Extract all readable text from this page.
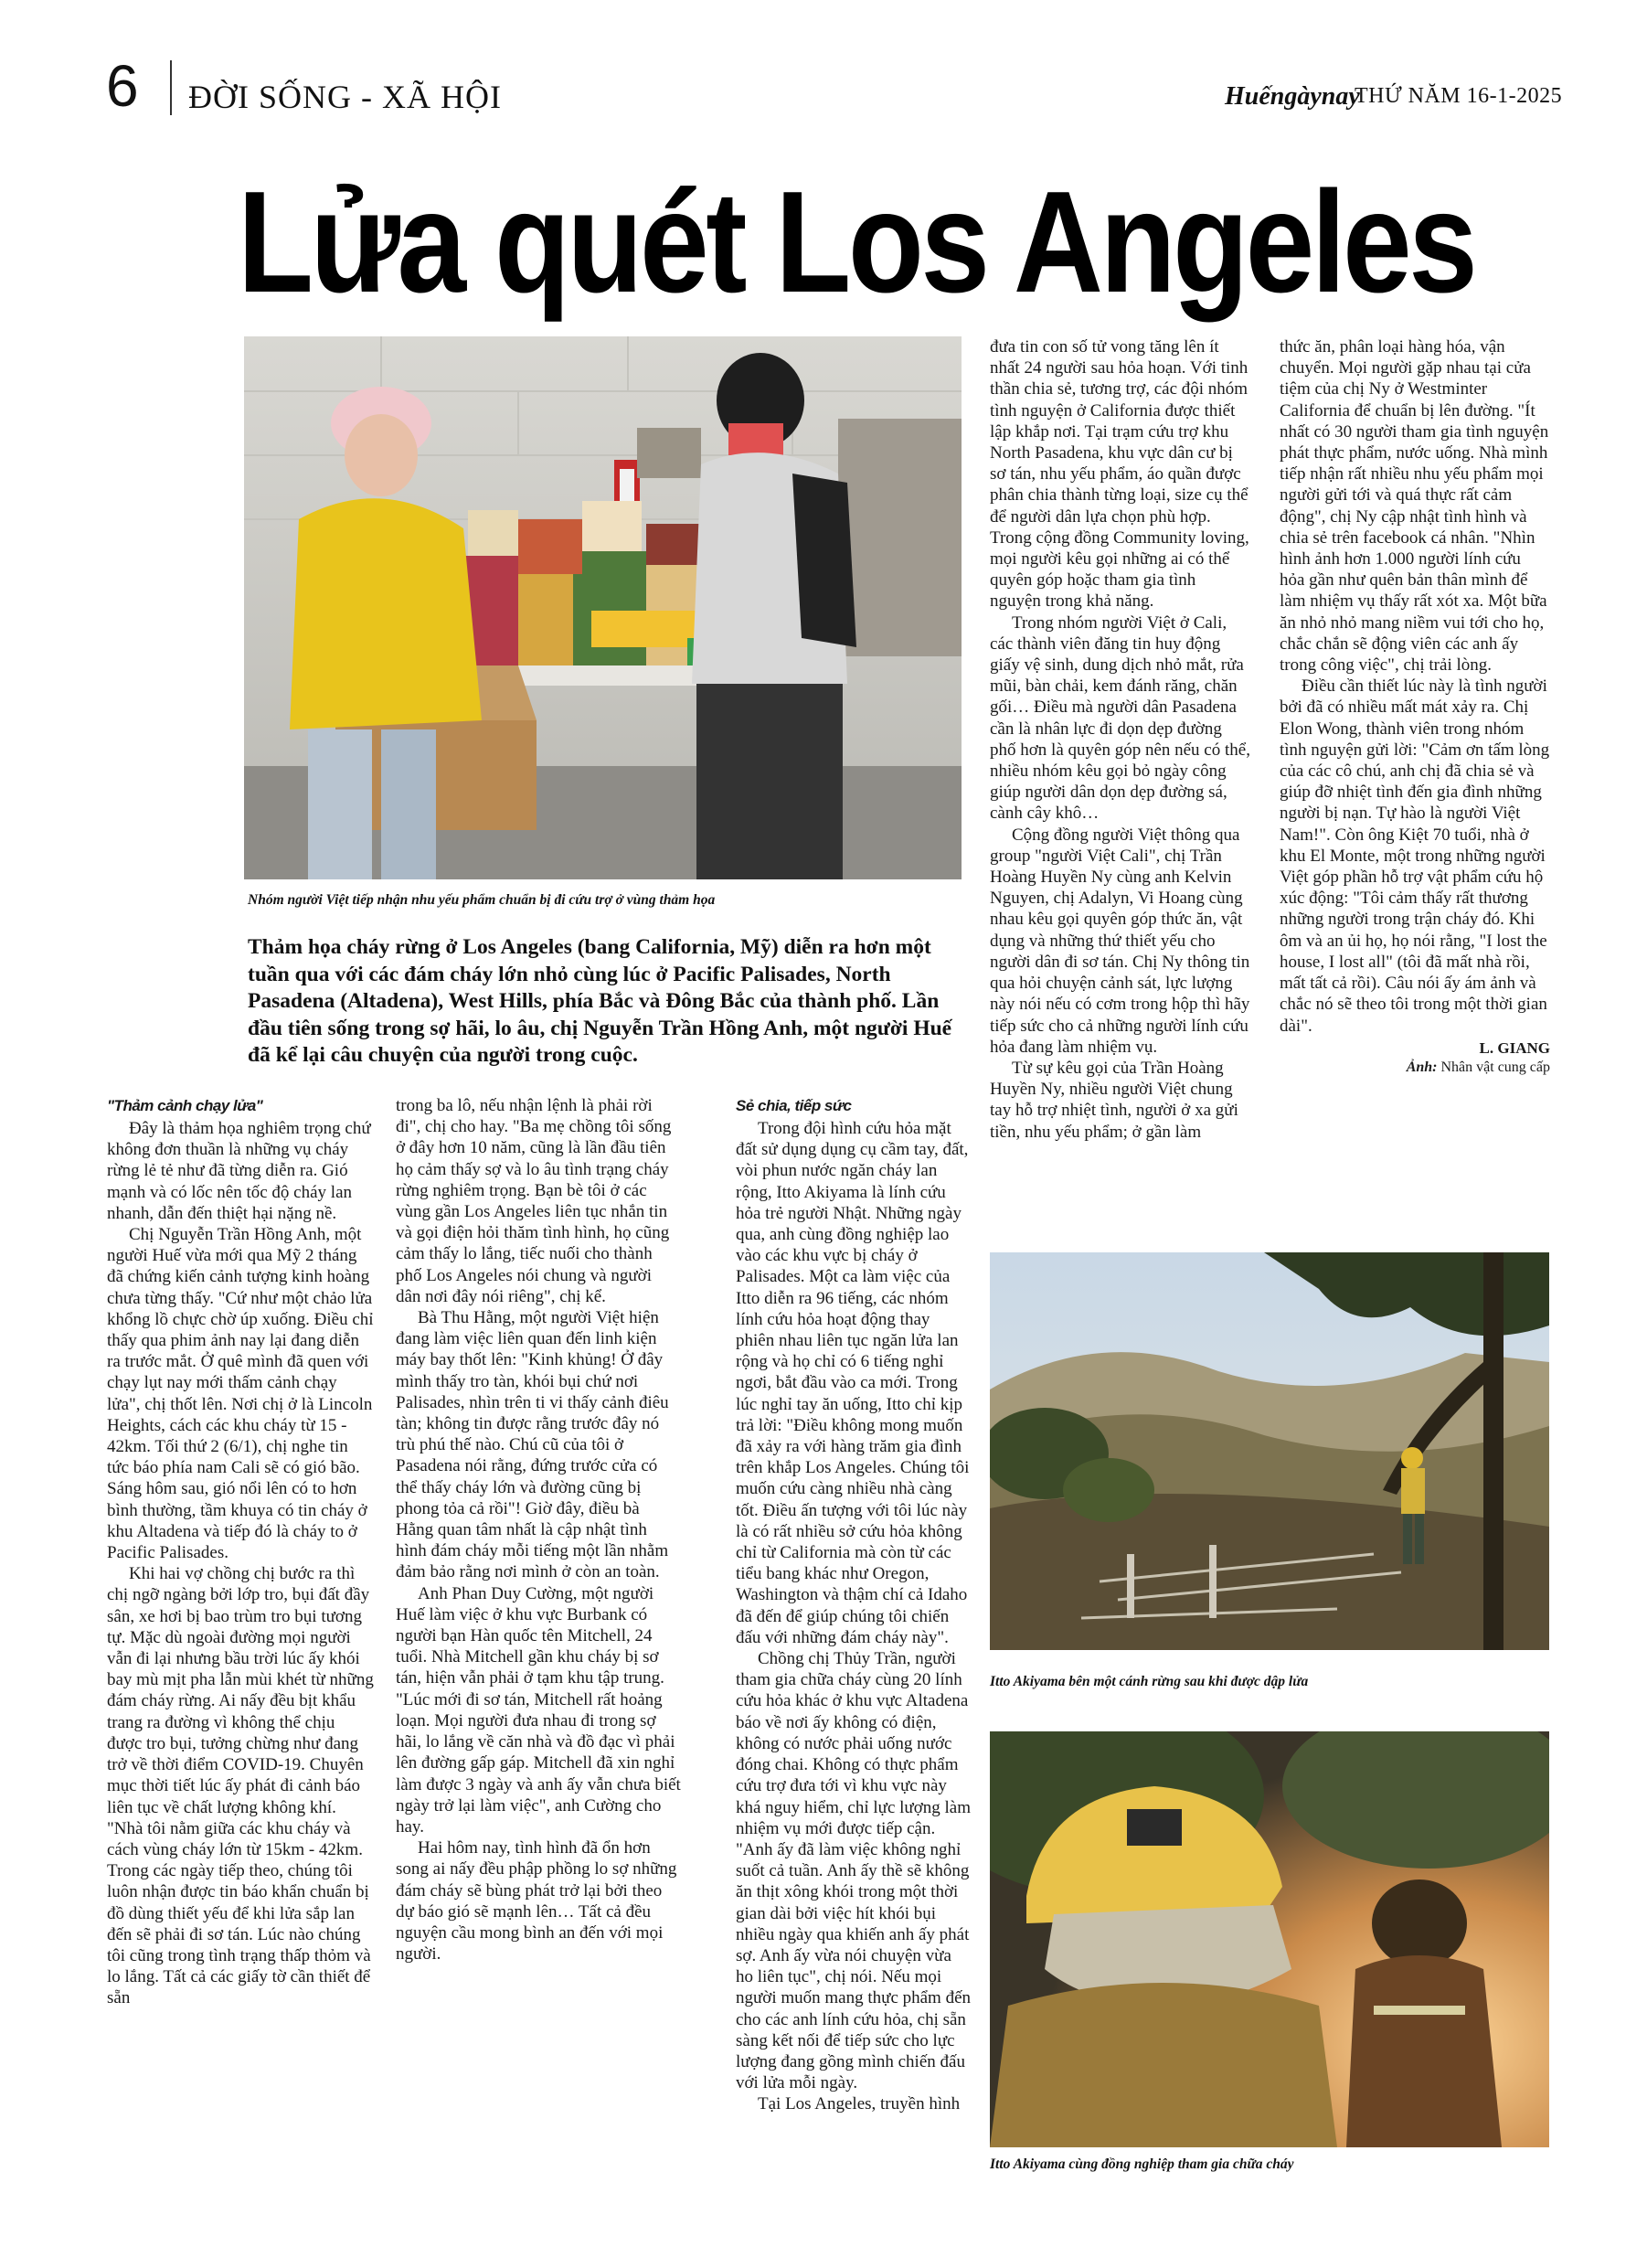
6 ĐỜI SỐNG - XÃ HỘI	Huếngàynay
THỨ NĂM 16-1-2025
Lửa quét Los Angeles
Nhóm người Việt tiếp nhận nhu yếu phẩm chuẩn bị đi cứu trợ ở vùng thảm họa
Thảm họa cháy rừng ở Los Angeles (bang California, Mỹ) diễn ra hơn một tuần qua với các đám cháy lớn nhỏ cùng lúc ở Pacific Palisades, North Pasadena (Altadena), West Hills, phía Bắc và Đông Bắc của thành phố. Lần đầu tiên sống trong sợ hãi, lo âu, chị Nguyễn Trần Hồng Anh, một người Huế đã kể lại câu chuyện của người trong cuộc.

"Thảm cảnh chạy lửa"

Đây là thảm họa nghiêm trọng chứ không đơn thuần là những vụ cháy rừng lẻ tẻ như đã từng diễn ra. Gió mạnh và có lốc nên tốc độ cháy lan nhanh, dẫn đến thiệt hại nặng nề.

Chị Nguyễn Trần Hồng Anh, một người Huế vừa mới qua Mỹ 2 tháng đã chứng kiến cảnh tượng kinh hoàng chưa từng thấy. "Cứ như một chảo lửa khổng lồ chực chờ úp xuống. Điều chỉ thấy qua phim ảnh nay lại đang diễn ra trước mắt. Ở quê mình đã quen với chạy lụt nay mới thấm cảnh chạy lửa", chị thốt lên. Nơi chị ở là Lincoln Heights, cách các khu cháy từ 15 - 42km. Tối thứ 2 (6/1), chị nghe tin tức báo phía nam Cali sẽ có gió bão. Sáng hôm sau, gió nổi lên có to hơn bình thường, tầm khuya có tin cháy ở khu Altadena và tiếp đó là cháy to ở Pacific Palisades.

Khi hai vợ chồng chị bước ra thì chị ngỡ ngàng bởi lớp tro, bụi đất đầy sân, xe hơi bị bao trùm tro bụi tương tự. Mặc dù ngoài đường mọi người vẫn đi lại nhưng bầu trời lúc ấy khói bay mù mịt pha lẫn mùi khét từ những đám cháy rừng. Ai nấy đều bịt khẩu trang ra đường vì không thể chịu được tro bụi, tưởng chừng như đang trở về thời điểm COVID-19. Chuyên mục thời tiết lúc ấy phát đi cảnh báo liên tục về chất lượng không khí. "Nhà tôi nằm giữa các khu cháy và cách vùng cháy lớn từ 15km - 42km. Trong các ngày tiếp theo, chúng tôi luôn nhận được tin báo khẩn chuẩn bị đồ dùng thiết yếu để khi lửa sắp lan đến sẽ phải đi sơ tán. Lúc nào chúng tôi cũng trong tình trạng thấp thỏm và lo lắng. Tất cả các giấy tờ cần thiết để sẵn

trong ba lô, nếu nhận lệnh là phải rời đi", chị cho hay. "Ba mẹ chồng tôi sống ở đây hơn 10 năm, cũng là lần đầu tiên họ cảm thấy sợ và lo âu tình trạng cháy rừng nghiêm trọng. Bạn bè tôi ở các vùng gần Los Angeles liên tục nhắn tin và gọi điện hỏi thăm tình hình, họ cũng cảm thấy lo lắng, tiếc nuối cho thành phố Los Angeles nói chung và người dân nơi đây nói riêng", chị kể.

Bà Thu Hằng, một người Việt hiện đang làm việc liên quan đến linh kiện máy bay thốt lên: "Kinh khủng! Ở đây mình thấy tro tàn, khói bụi chứ nơi Palisades, nhìn trên ti vi thấy cảnh điêu tàn; không tin được rằng trước đây nó trù phú thế nào. Chú cũ của tôi ở Pasadena nói rằng, đứng trước cửa có thể thấy cháy lớn và đường cũng bị phong tỏa cả rồi"! Giờ đây, điều bà Hằng quan tâm nhất là cập nhật tình hình đám cháy mỗi tiếng một lần nhằm đảm bảo rằng nơi mình ở còn an toàn.

Anh Phan Duy Cường, một người Huế làm việc ở khu vực Burbank có người bạn Hàn quốc tên Mitchell, 24 tuổi. Nhà Mitchell gần khu cháy bị sơ tán, hiện vẫn phải ở tạm khu tập trung. "Lúc mới đi sơ tán, Mitchell rất hoảng loạn. Mọi người đưa nhau đi trong sợ hãi, lo lắng về căn nhà và đồ đạc vì phải lên đường gấp gáp. Mitchell đã xin nghỉ làm được 3 ngày và anh ấy vẫn chưa biết ngày trở lại làm việc", anh Cường cho hay.

Hai hôm nay, tình hình đã ổn hơn song ai nấy đều phập phồng lo sợ những đám cháy sẽ bùng phát trở lại bởi theo dự báo gió sẽ mạnh lên… Tất cả đều nguyện cầu mong bình an đến với mọi người.

Sẻ chia, tiếp sức

Trong đội hình cứu hỏa mặt đất sử dụng dụng cụ cầm tay, đất, vòi phun nước ngăn cháy lan rộng, Itto Akiyama là lính cứu hỏa trẻ người Nhật. Những ngày qua, anh cùng đồng nghiệp lao vào các khu vực bị cháy ở Palisades. Một ca làm việc của Itto diễn ra 96 tiếng, các nhóm lính cứu hỏa hoạt động thay phiên nhau liên tục ngăn lửa lan rộng và họ chỉ có 6 tiếng nghỉ ngơi, bắt đầu vào ca mới. Trong lúc nghỉ tay ăn uống, Itto chỉ kịp trả lời: "Điều không mong muốn đã xảy ra với hàng trăm gia đình trên khắp Los Angeles. Chúng tôi muốn cứu càng nhiều nhà càng tốt. Điều ấn tượng với tôi lúc này là có rất nhiều sở cứu hỏa không chỉ từ California mà còn từ các tiểu bang khác như Oregon, Washington và thậm chí cả Idaho đã đến để giúp chúng tôi chiến đấu với những đám cháy này".

Chồng chị Thủy Trần, người tham gia chữa cháy cùng 20 lính cứu hỏa khác ở khu vực Altadena báo về nơi ấy không có điện, không có nước phải uống nước đóng chai. Không có thực phẩm cứu trợ đưa tới vì khu vực này khá nguy hiểm, chỉ lực lượng làm nhiệm vụ mới được tiếp cận. "Anh ấy đã làm việc không nghỉ suốt cả tuần. Anh ấy thề sẽ không ăn thịt xông khói trong một thời gian dài bởi việc hít khói bụi nhiều ngày qua khiến anh ấy phát sợ. Anh ấy vừa nói chuyện vừa ho liên tục", chị nói. Nếu mọi người muốn mang thực phẩm đến cho các anh lính cứu hỏa, chị sẵn sàng kết nối để tiếp sức cho lực lượng đang gồng mình chiến đấu với lửa mỗi ngày.

Tại Los Angeles, truyền hình

đưa tin con số tử vong tăng lên ít nhất 24 người sau hỏa hoạn. Với tinh thần chia sẻ, tương trợ, các đội nhóm tình nguyện ở California được thiết lập khắp nơi. Tại trạm cứu trợ khu North Pasadena, khu vực dân cư bị sơ tán, nhu yếu phẩm, áo quần được phân chia thành từng loại, size cụ thể để người dân lựa chọn phù hợp. Trong cộng đồng Community loving, mọi người kêu gọi những ai có thể quyên góp hoặc tham gia tình nguyện trong khả năng.

Trong nhóm người Việt ở Cali, các thành viên đăng tin huy động giấy vệ sinh, dung dịch nhỏ mắt, rửa mũi, bàn chải, kem đánh răng, chăn gối… Điều mà người dân Pasadena cần là nhân lực đi dọn dẹp đường phố hơn là quyên góp nên nếu có thể, nhiều nhóm kêu gọi bỏ ngày công giúp người dân dọn dẹp đường sá, cành cây khô…

Cộng đồng người Việt thông qua group "người Việt Cali", chị Trần Hoàng Huyền Ny cùng anh Kelvin Nguyen, chị Adalyn, Vi Hoang cùng nhau kêu gọi quyên góp thức ăn, vật dụng và những thứ thiết yếu cho người dân đi sơ tán. Chị Ny thông tin qua hỏi chuyện cảnh sát, lực lượng này nói nếu có cơm trong hộp thì hãy tiếp sức cho cả những người lính cứu hỏa đang làm nhiệm vụ.

Từ sự kêu gọi của Trần Hoàng Huyền Ny, nhiều người Việt chung tay hỗ trợ nhiệt tình, người ở xa gửi tiền, nhu yếu phẩm; ở gần làm

thức ăn, phân loại hàng hóa, vận chuyển. Mọi người gặp nhau tại cửa tiệm của chị Ny ở Westminter California để chuẩn bị lên đường. "Ít nhất có 30 người tham gia tình nguyện phát thực phẩm, nước uống. Nhà mình tiếp nhận rất nhiều nhu yếu phẩm mọi người gửi tới và quá thực rất cảm động", chị Ny cập nhật tình hình và chia sẻ trên facebook cá nhân. "Nhìn hình ảnh hơn 1.000 người lính cứu hỏa gần như quên bản thân mình để làm nhiệm vụ thấy rất xót xa. Một bữa ăn nhỏ nhỏ mang niềm vui tới cho họ, chắc chắn sẽ động viên các anh ấy trong công việc", chị trải lòng.

Điều cần thiết lúc này là tình người bởi đã có nhiều mất mát xảy ra. Chị Elon Wong, thành viên trong nhóm tình nguyện gửi lời: "Cảm ơn tấm lòng của các cô chú, anh chị đã chia sẻ và giúp đỡ nhiệt tình đến gia đình những người bị nạn. Tự hào là người Việt Nam!". Còn ông Kiệt 70 tuổi, nhà ở khu El Monte, một trong những người Việt góp phần hỗ trợ vật phẩm cứu hộ xúc động: "Tôi cảm thấy rất thương những người trong trận cháy đó. Khi ôm và an ủi họ, họ nói rằng, "I lost the house, I lost all" (tôi đã mất nhà rồi, mất tất cả rồi). Câu nói ấy ám ảnh và chắc nó sẽ theo tôi trong một thời gian dài".

L. GIANG

Ảnh: Nhân vật cung cấp

Itto Akiyama bên một cánh rừng sau khi được dập lửa
Itto Akiyama cùng đồng nghiệp tham gia chữa cháy
